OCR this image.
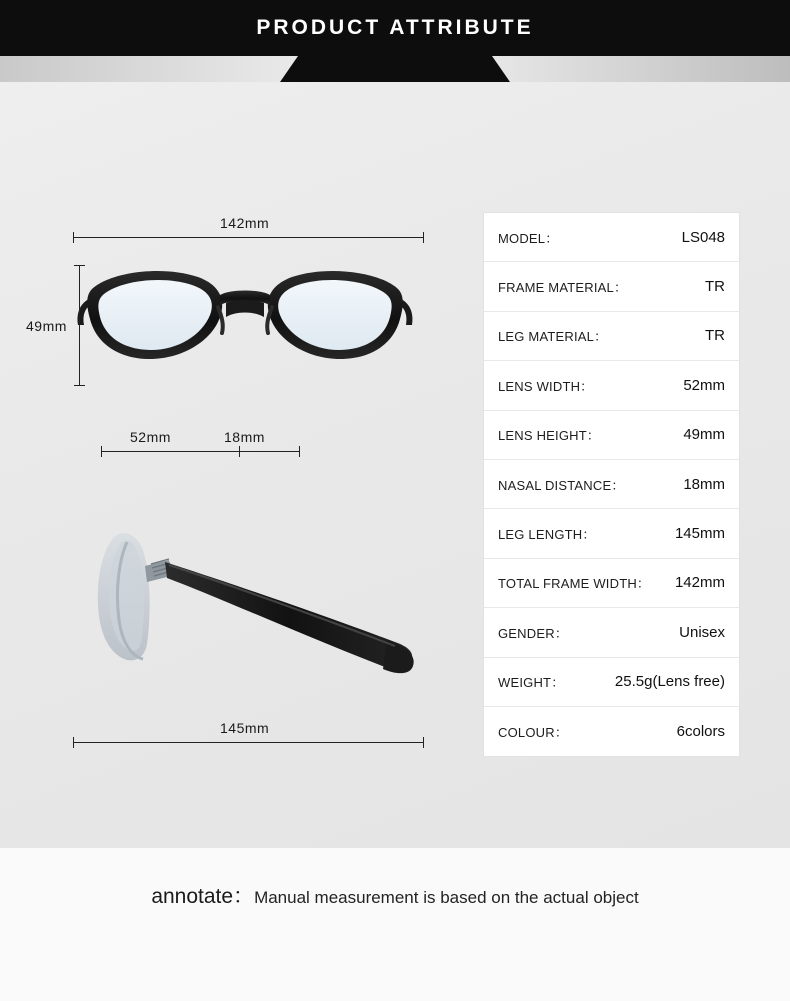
PRODUCT ATTRIBUTE
142mm
49mm
52mm	18mm
145mm
MODEL：	LS048
FRAME MATERIAL：	TR
LEG MATERIAL：	TR
LENS WIDTH：	52mm
LENS HEIGHT：	49mm
NASAL DISTANCE：	18mm
LEG LENGTH：	145mm
TOTAL FRAME WIDTH： 142mm
GENDER：	Unisex
WEIGHT：	25.5g(Lens free)
COLOUR：	6colors
annotate：Manual measurement is based on the actual object
